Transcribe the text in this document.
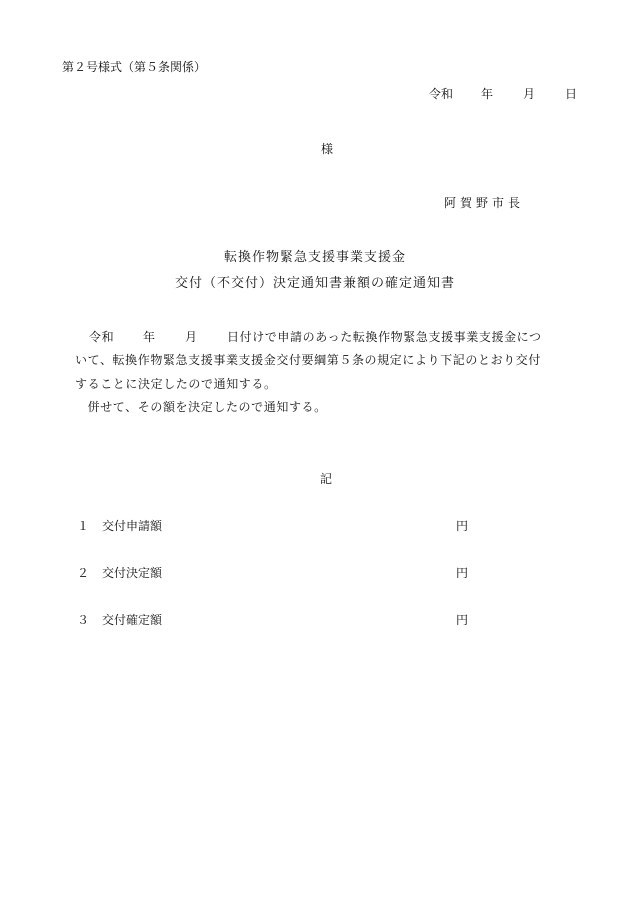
第２号様式（第５条関係）
令和 年 月 日
様
阿賀野市長
転換作物緊急支援事業支援金
交付（不交付）決定通知書兼額の確定通知書
令和 年 月 日付けで申請のあった転換作物緊急支援事業支援金につ
いて、転換作物緊急支援事業支援金交付要綱第５条の規定により下記のとおり交付
することに決定したので通知する。
　併せて、その額を決定したので通知する。
記
１ 交付申請額	円
２ 交付決定額	円
３ 交付確定額	円
